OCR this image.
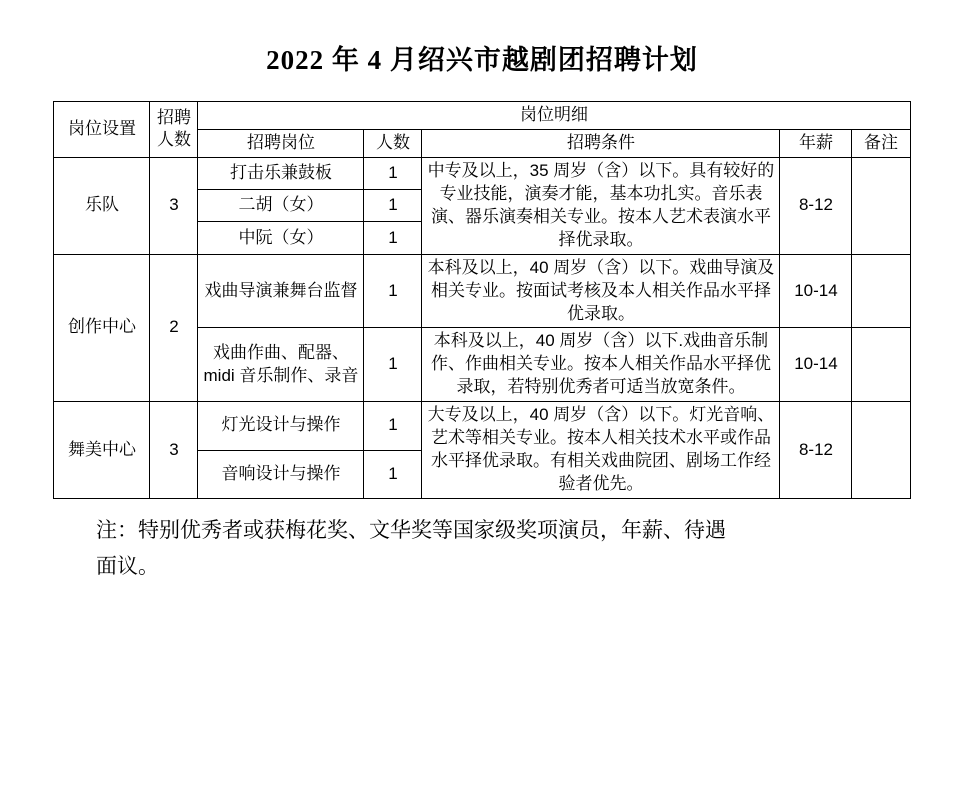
2022 年 4 月绍兴市越剧团招聘计划
岗位设置	招聘人数	岗位明细				
		招聘岗位	人数	招聘条件	年薪	备注
乐队	3	打击乐兼鼓板	1	中专及以上，35 周岁（含）以下。具有较好的专业技能，演奏才能，基本功扎实。音乐表演、器乐演奏相关专业。按本人艺术表演水平择优录取。	8-12	
		二胡（女）	1			
		中阮（女）	1			
创作中心	2	戏曲导演兼舞台监督	1	本科及以上，40 周岁（含）以下。戏曲导演及相关专业。按面试考核及本人相关作品水平择优录取。	10-14	
		戏曲作曲、配器、midi 音乐制作、录音	1	本科及以上，40 周岁（含）以下.戏曲音乐制作、作曲相关专业。按本人相关作品水平择优录取，若特别优秀者可适当放宽条件。	10-14	
舞美中心	3	灯光设计与操作	1	大专及以上，40 周岁（含）以下。灯光音响、艺术等相关专业。按本人相关技术水平或作品水平择优录取。有相关戏曲院团、剧场工作经验者优先。	8-12	
		音响设计与操作	1			
注：特别优秀者或获梅花奖、文华奖等国家级奖项演员，年薪、待遇
面议。
